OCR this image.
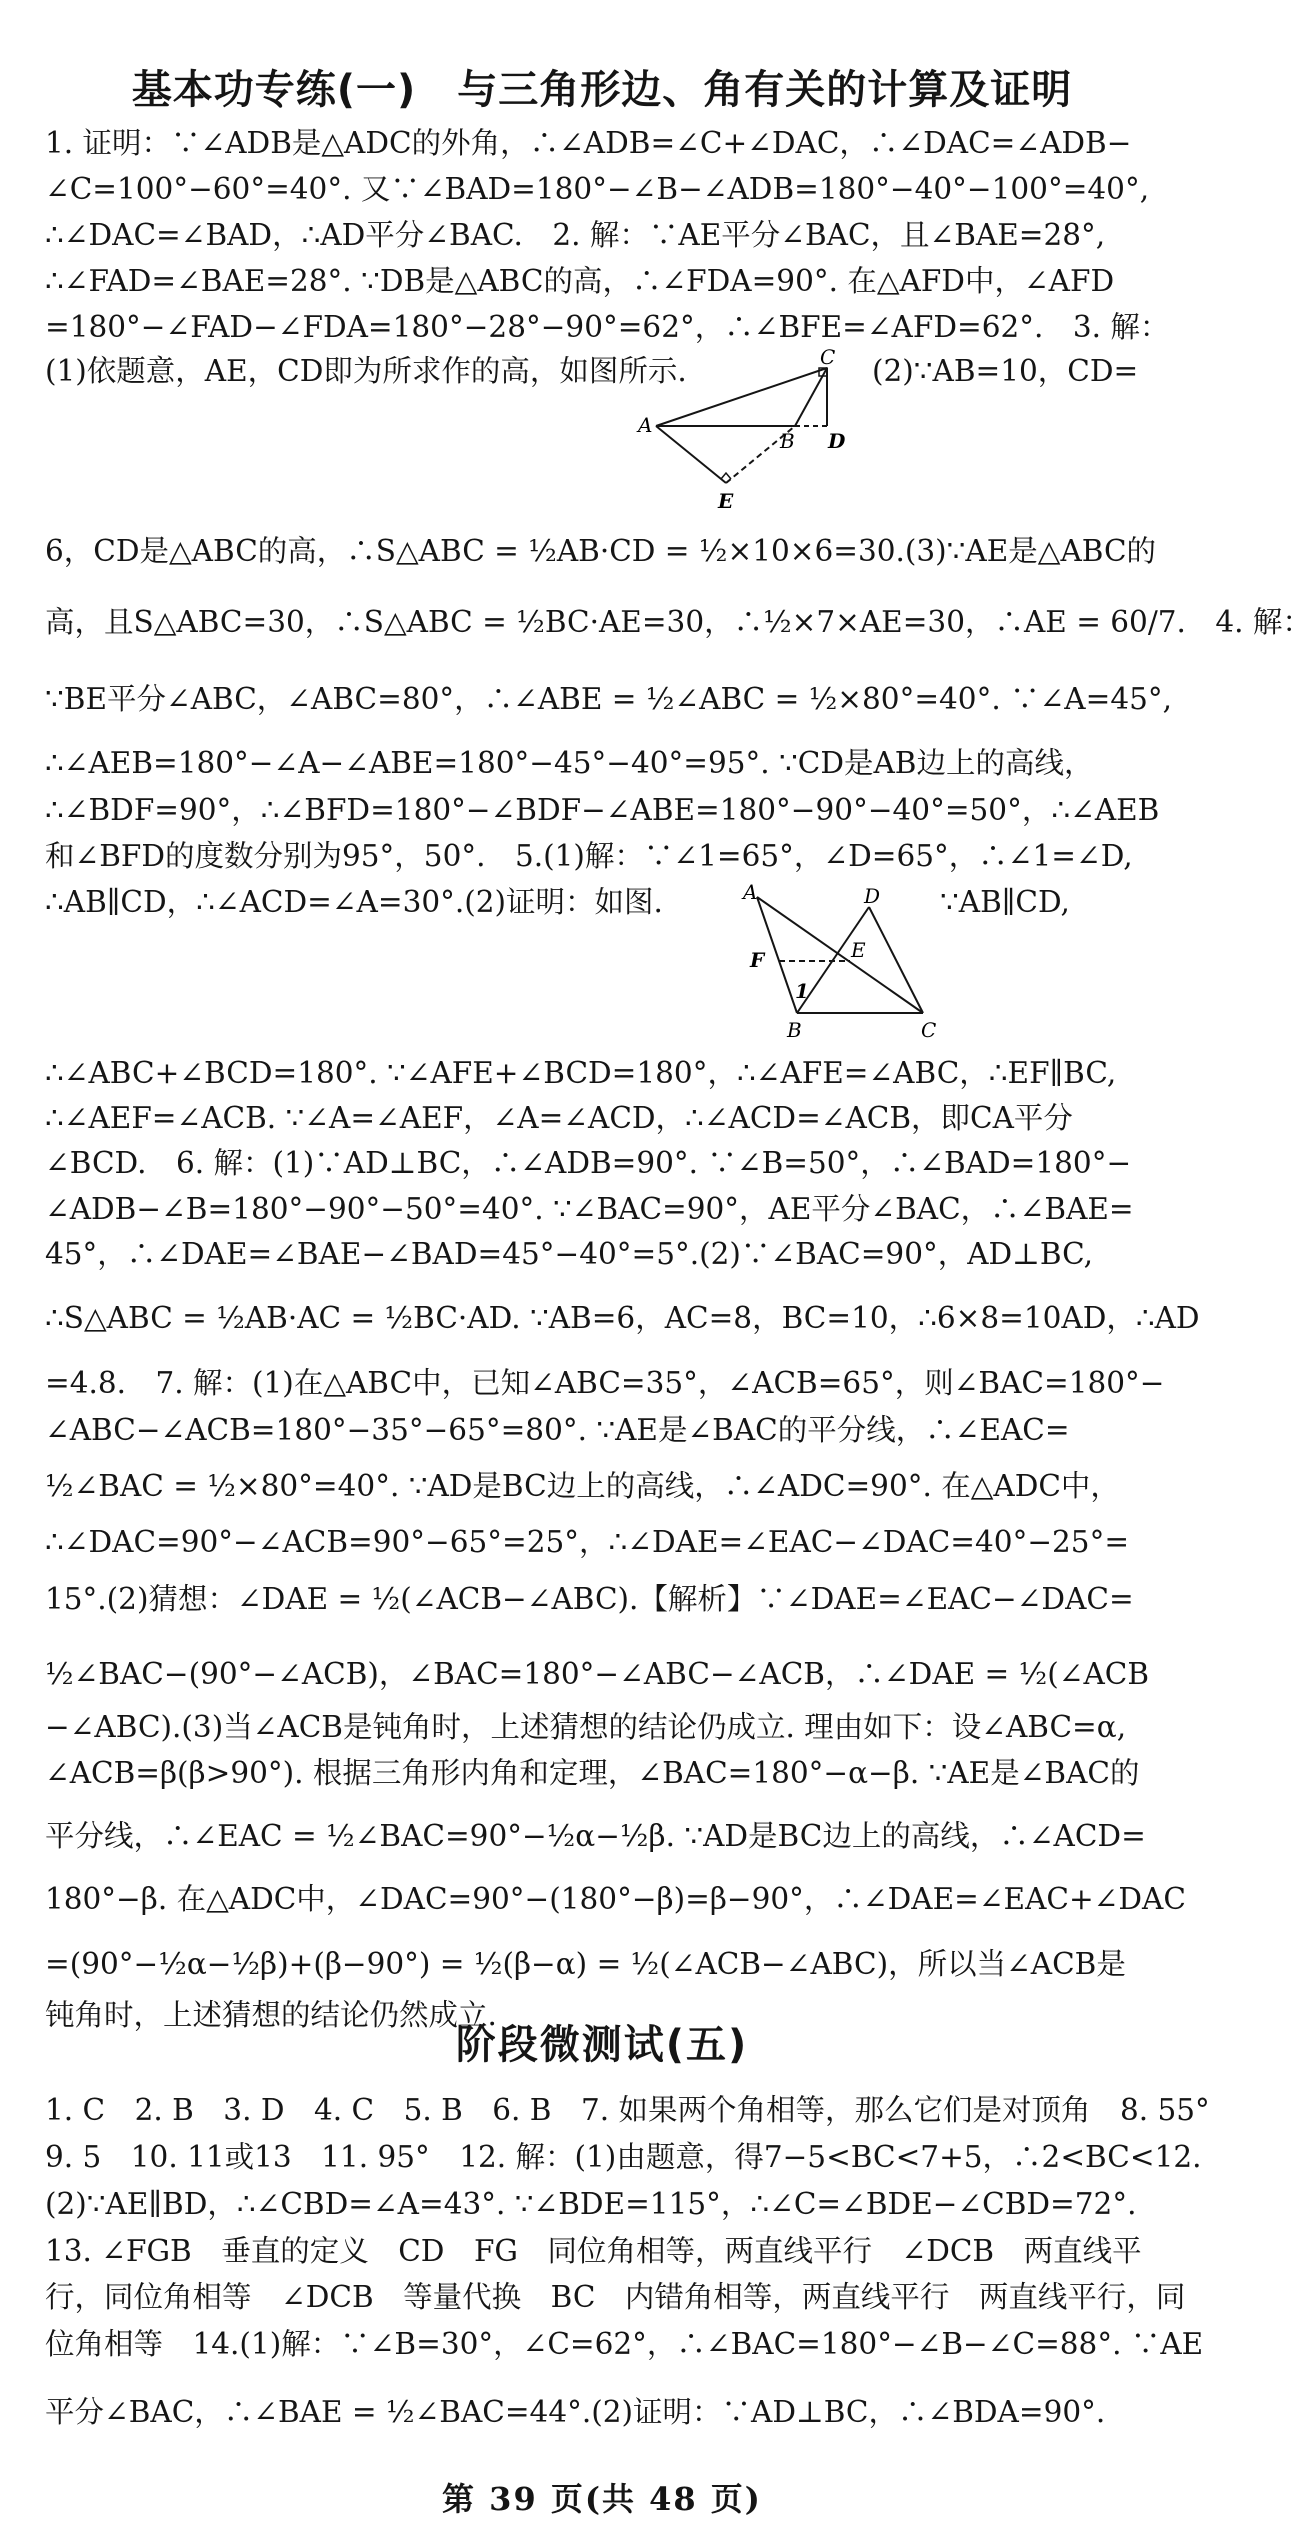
基本功专练(一)　与三角形边、角有关的计算及证明
1. 证明：∵∠ADB是△ADC的外角，∴∠ADB=∠C+∠DAC，∴∠DAC=∠ADB−
∠C=100°−60°=40°. 又∵∠BAD=180°−∠B−∠ADB=180°−40°−100°=40°,
∴∠DAC=∠BAD，∴AD平分∠BAC.　2. 解：∵AE平分∠BAC，且∠BAE=28°,
∴∠FAD=∠BAE=28°. ∵DB是△ABC的高，∴∠FDA=90°. 在△AFD中，∠AFD
=180°−∠FAD−∠FDA=180°−28°−90°=62°，∴∠BFE=∠AFD=62°.　3. 解：
(1)依题意，AE，CD即为所求作的高，如图所示.	(2)∵AB=10，CD=
A
B
C
D
E
6，CD是△ABC的高，∴S△ABC = ½AB·CD = ½×10×6=30.(3)∵AE是△ABC的
高，且S△ABC=30，∴S△ABC = ½BC·AE=30，∴½×7×AE=30，∴AE = 60/7.　4. 解：
∵BE平分∠ABC，∠ABC=80°，∴∠ABE = ½∠ABC = ½×80°=40°. ∵∠A=45°,
∴∠AEB=180°−∠A−∠ABE=180°−45°−40°=95°. ∵CD是AB边上的高线，
∴∠BDF=90°，∴∠BFD=180°−∠BDF−∠ABE=180°−90°−40°=50°，∴∠AEB
和∠BFD的度数分别为95°，50°.　5.(1)解：∵∠1=65°，∠D=65°，∴∠1=∠D,
∴AB∥CD，∴∠ACD=∠A=30°.(2)证明：如图.	∵AB∥CD,
A	D
E
F
1
B	C
∴∠ABC+∠BCD=180°. ∵∠AFE+∠BCD=180°，∴∠AFE=∠ABC，∴EF∥BC,
∴∠AEF=∠ACB. ∵∠A=∠AEF，∠A=∠ACD，∴∠ACD=∠ACB，即CA平分
∠BCD.　6. 解：(1)∵AD⊥BC，∴∠ADB=90°. ∵∠B=50°，∴∠BAD=180°−
∠ADB−∠B=180°−90°−50°=40°. ∵∠BAC=90°，AE平分∠BAC，∴∠BAE=
45°，∴∠DAE=∠BAE−∠BAD=45°−40°=5°.(2)∵∠BAC=90°，AD⊥BC,
∴S△ABC = ½AB·AC = ½BC·AD. ∵AB=6，AC=8，BC=10，∴6×8=10AD，∴AD
=4.8.　7. 解：(1)在△ABC中，已知∠ABC=35°，∠ACB=65°，则∠BAC=180°−
∠ABC−∠ACB=180°−35°−65°=80°. ∵AE是∠BAC的平分线，∴∠EAC=
½∠BAC = ½×80°=40°. ∵AD是BC边上的高线，∴∠ADC=90°. 在△ADC中，
∴∠DAC=90°−∠ACB=90°−65°=25°，∴∠DAE=∠EAC−∠DAC=40°−25°=
15°.(2)猜想：∠DAE = ½(∠ACB−∠ABC).【解析】∵∠DAE=∠EAC−∠DAC=
½∠BAC−(90°−∠ACB)，∠BAC=180°−∠ABC−∠ACB，∴∠DAE = ½(∠ACB
−∠ABC).(3)当∠ACB是钝角时，上述猜想的结论仍成立. 理由如下：设∠ABC=α,
∠ACB=β(β>90°). 根据三角形内角和定理，∠BAC=180°−α−β. ∵AE是∠BAC的
平分线，∴∠EAC = ½∠BAC=90°−½α−½β. ∵AD是BC边上的高线，∴∠ACD=
180°−β. 在△ADC中，∠DAC=90°−(180°−β)=β−90°，∴∠DAE=∠EAC+∠DAC
=(90°−½α−½β)+(β−90°) = ½(β−α) = ½(∠ACB−∠ABC)，所以当∠ACB是
钝角时，上述猜想的结论仍然成立.
阶段微测试(五)
1. C　2. B　3. D　4. C　5. B　6. B　7. 如果两个角相等，那么它们是对顶角　8. 55°
9. 5　10. 11或13　11. 95°　12. 解：(1)由题意，得7−5<BC<7+5，∴2<BC<12.
(2)∵AE∥BD，∴∠CBD=∠A=43°. ∵∠BDE=115°，∴∠C=∠BDE−∠CBD=72°.
13. ∠FGB　垂直的定义　CD　FG　同位角相等，两直线平行　∠DCB　两直线平
行，同位角相等　∠DCB　等量代换　BC　内错角相等，两直线平行　两直线平行，同
位角相等　14.(1)解：∵∠B=30°，∠C=62°，∴∠BAC=180°−∠B−∠C=88°. ∵AE
平分∠BAC，∴∠BAE = ½∠BAC=44°.(2)证明：∵AD⊥BC，∴∠BDA=90°.
第 39 页(共 48 页)
